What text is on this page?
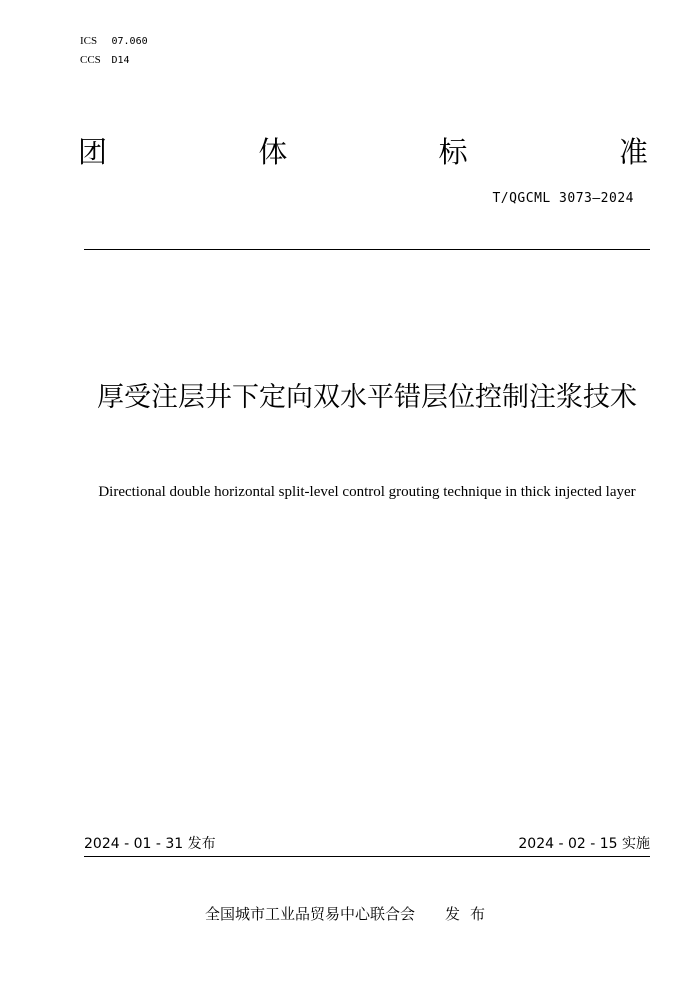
ICS 07.060
CCS D14
团	体	标	准
T/QGCML 3073—2024
厚受注层井下定向双水平错层位控制注浆技术
Directional double horizontal split-level control grouting technique in thick injected layer
2024 - 01 - 31 发布	2024 - 02 - 15 实施
全国城市工业品贸易中心联合会 发布
